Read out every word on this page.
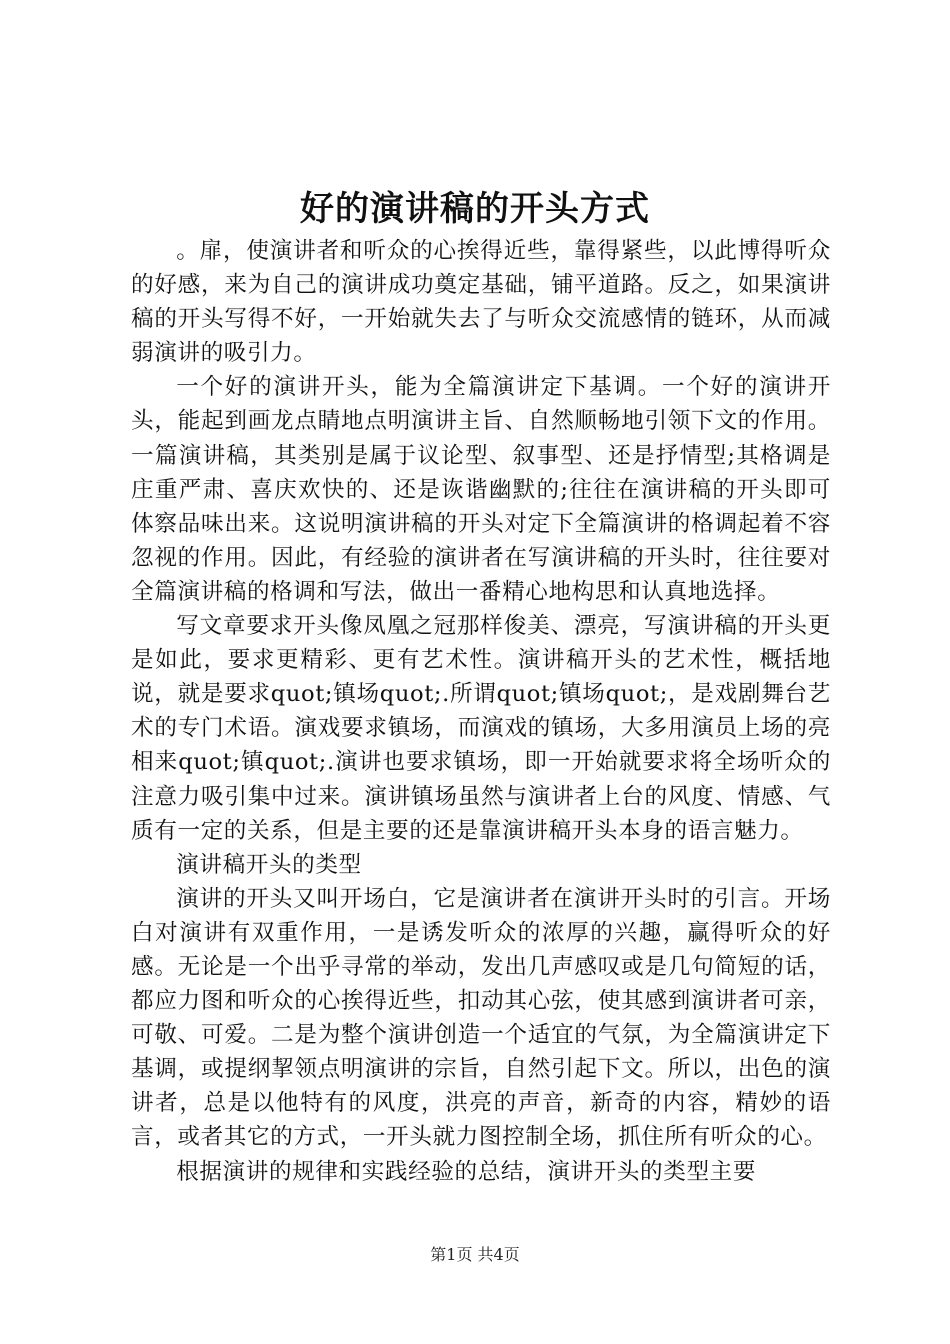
好的演讲稿的开头方式

。扉，使演讲者和听众的心挨得近些，靠得紧些，以此博得听众的好感，来为自己的演讲成功奠定基础，铺平道路。反之，如果演讲稿的开头写得不好，一开始就失去了与听众交流感情的链环，从而减弱演讲的吸引力。

一个好的演讲开头，能为全篇演讲定下基调。一个好的演讲开头，能起到画龙点睛地点明演讲主旨、自然顺畅地引领下文的作用。一篇演讲稿，其类别是属于议论型、叙事型、还是抒情型;其格调是庄重严肃、喜庆欢快的、还是诙谐幽默的;往往在演讲稿的开头即可体察品味出来。这说明演讲稿的开头对定下全篇演讲的格调起着不容忽视的作用。因此，有经验的演讲者在写演讲稿的开头时，往往要对全篇演讲稿的格调和写法，做出一番精心地构思和认真地选择。

写文章要求开头像凤凰之冠那样俊美、漂亮，写演讲稿的开头更是如此，要求更精彩、更有艺术性。演讲稿开头的艺术性，概括地说，就是要求quot;镇场quot;.所谓quot;镇场quot;，是戏剧舞台艺术的专门术语。演戏要求镇场，而演戏的镇场，大多用演员上场的亮相来quot;镇quot;.演讲也要求镇场，即一开始就要求将全场听众的注意力吸引集中过来。演讲镇场虽然与演讲者上台的风度、情感、气质有一定的关系，但是主要的还是靠演讲稿开头本身的语言魅力。

演讲稿开头的类型

演讲的开头又叫开场白，它是演讲者在演讲开头时的引言。开场白对演讲有双重作用，一是诱发听众的浓厚的兴趣，赢得听众的好感。无论是一个出乎寻常的举动，发出几声感叹或是几句简短的话，都应力图和听众的心挨得近些，扣动其心弦，使其感到演讲者可亲，可敬、可爱。二是为整个演讲创造一个适宜的气氛，为全篇演讲定下基调，或提纲挈领点明演讲的宗旨，自然引起下文。所以，出色的演讲者，总是以他特有的风度，洪亮的声音，新奇的内容，精妙的语言，或者其它的方式，一开头就力图控制全场，抓住所有听众的心。

根据演讲的规律和实践经验的总结，演讲开头的类型主要

第1页 共4页
